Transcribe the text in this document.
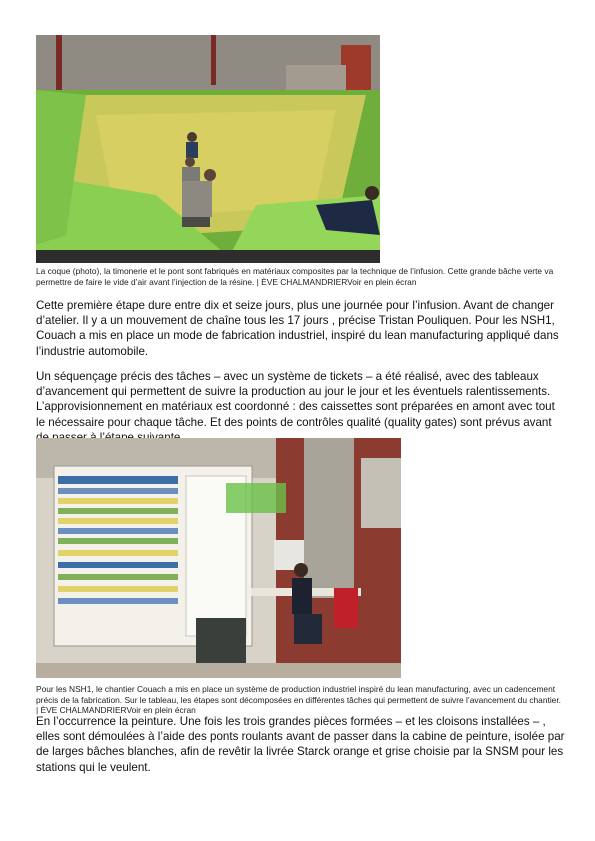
La coque (photo), la timonerie et le pont sont fabriqués en matériaux composites par la technique de l’infusion. Cette grande bâche verte va permettre de faire le vide d’air avant l’injection de la résine. | ÈVE CHALMANDRIERVoir en plein écran
Cette première étape dure entre dix et seize jours, plus une journée pour l’infusion. Avant de changer d’atelier. Il y a un mouvement de chaîne tous les 17 jours , précise Tristan Pouliquen. Pour les NSH1, Couach a mis en place un mode de fabrication industriel, inspiré du lean manufacturing appliqué dans l’industrie automobile.
Un séquençage précis des tâches – avec un système de tickets – a été réalisé, avec des tableaux d’avancement qui permettent de suivre la production au jour le jour et les éventuels ralentissements. L’approvisionnement en matériaux est coordonné : des caissettes sont préparées en amont avec tout le nécessaire pour chaque tâche. Et des points de contrôles qualité (quality gates) sont prévus avant
Pour les NSH1, le chantier Couach a mis en place un système de production industriel inspiré du lean manufacturing, avec un cadencement précis de la fabrication. Sur le tableau, les étapes sont décomposées en différentes tâches qui permettent de suivre l’avancement du chantier. | ÈVE CHALMANDRIERVoir en plein écran
En l’occurrence la peinture. Une fois les trois grandes pièces formées – et les cloisons installées – , elles sont démoulées à l’aide des ponts roulants avant de passer dans la cabine de peinture, isolée par de larges bâches blanches, afin de revêtir la livrée Starck orange et grise choisie par la SNSM pour les stations qui le veulent.
